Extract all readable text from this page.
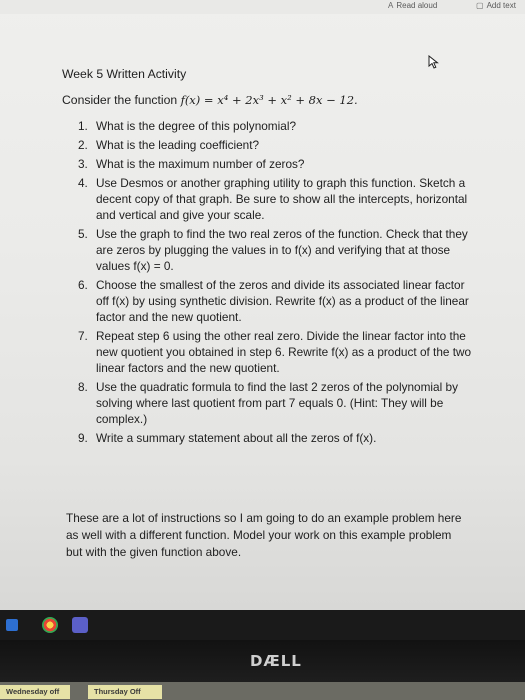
A Read aloud	▢ Add text
Week 5 Written Activity
Consider the function f(x) = x⁴ + 2x³ + x² + 8x − 12.
1. What is the degree of this polynomial?
2. What is the leading coefficient?
3. What is the maximum number of zeros?
4. Use Desmos or another graphing utility to graph this function. Sketch a decent copy of that graph. Be sure to show all the intercepts, horizontal and vertical and give your scale.
5. Use the graph to find the two real zeros of the function. Check that they are zeros by plugging the values in to f(x) and verifying that at those values f(x) = 0.
6. Choose the smallest of the zeros and divide its associated linear factor off f(x) by using synthetic division. Rewrite f(x) as a product of the linear factor and the new quotient.
7. Repeat step 6 using the other real zero. Divide the linear factor into the new quotient you obtained in step 6. Rewrite f(x) as a product of the two linear factors and the new quotient.
8. Use the quadratic formula to find the last 2 zeros of the polynomial by solving where last quotient from part 7 equals 0. (Hint: They will be complex.)
9. Write a summary statement about all the zeros of f(x).
These are a lot of instructions so I am going to do an example problem here as well with a different function. Model your work on this example problem but with the given function above.
DÆLL
Wednesday off	Thursday Off
